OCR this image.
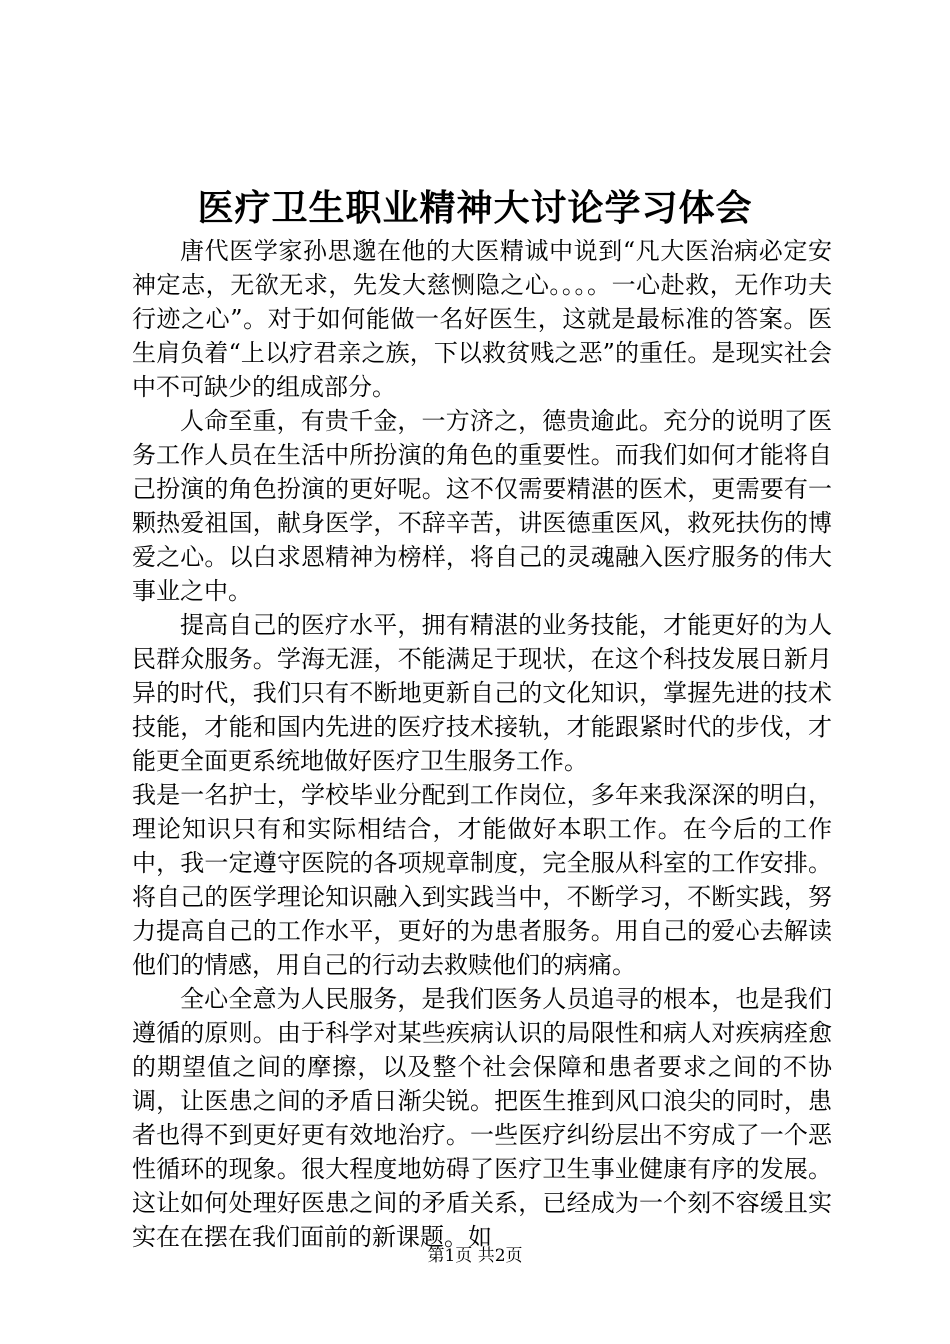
医疗卫生职业精神大讨论学习体会

唐代医学家孙思邈在他的大医精诚中说到“凡大医治病必定安神定志，无欲无求，先发大慈恻隐之心。。。。一心赴救，无作功夫行迹之心”。对于如何能做一名好医生，这就是最标准的答案。医生肩负着“上以疗君亲之族，下以救贫贱之恶”的重任。是现实社会中不可缺少的组成部分。

人命至重，有贵千金，一方济之，德贵逾此。充分的说明了医务工作人员在生活中所扮演的角色的重要性。而我们如何才能将自己扮演的角色扮演的更好呢。这不仅需要精湛的医术，更需要有一颗热爱祖国，献身医学，不辞辛苦，讲医德重医风，救死扶伤的博爱之心。以白求恩精神为榜样，将自己的灵魂融入医疗服务的伟大事业之中。

提高自己的医疗水平，拥有精湛的业务技能，才能更好的为人民群众服务。学海无涯，不能满足于现状，在这个科技发展日新月异的时代，我们只有不断地更新自己的文化知识，掌握先进的技术技能，才能和国内先进的医疗技术接轨，才能跟紧时代的步伐，才能更全面更系统地做好医疗卫生服务工作。

我是一名护士，学校毕业分配到工作岗位，多年来我深深的明白，理论知识只有和实际相结合，才能做好本职工作。在今后的工作中，我一定遵守医院的各项规章制度，完全服从科室的工作安排。将自己的医学理论知识融入到实践当中，不断学习，不断实践，努力提高自己的工作水平，更好的为患者服务。用自己的爱心去解读他们的情感，用自己的行动去救赎他们的病痛。

全心全意为人民服务，是我们医务人员追寻的根本，也是我们遵循的原则。由于科学对某些疾病认识的局限性和病人对疾病痊愈的期望值之间的摩擦，以及整个社会保障和患者要求之间的不协调，让医患之间的矛盾日渐尖锐。把医生推到风口浪尖的同时，患者也得不到更好更有效地治疗。一些医疗纠纷层出不穷成了一个恶性循环的现象。很大程度地妨碍了医疗卫生事业健康有序的发展。这让如何处理好医患之间的矛盾关系，已经成为一个刻不容缓且实实在在摆在我们面前的新课题。如

第1页 共2页
